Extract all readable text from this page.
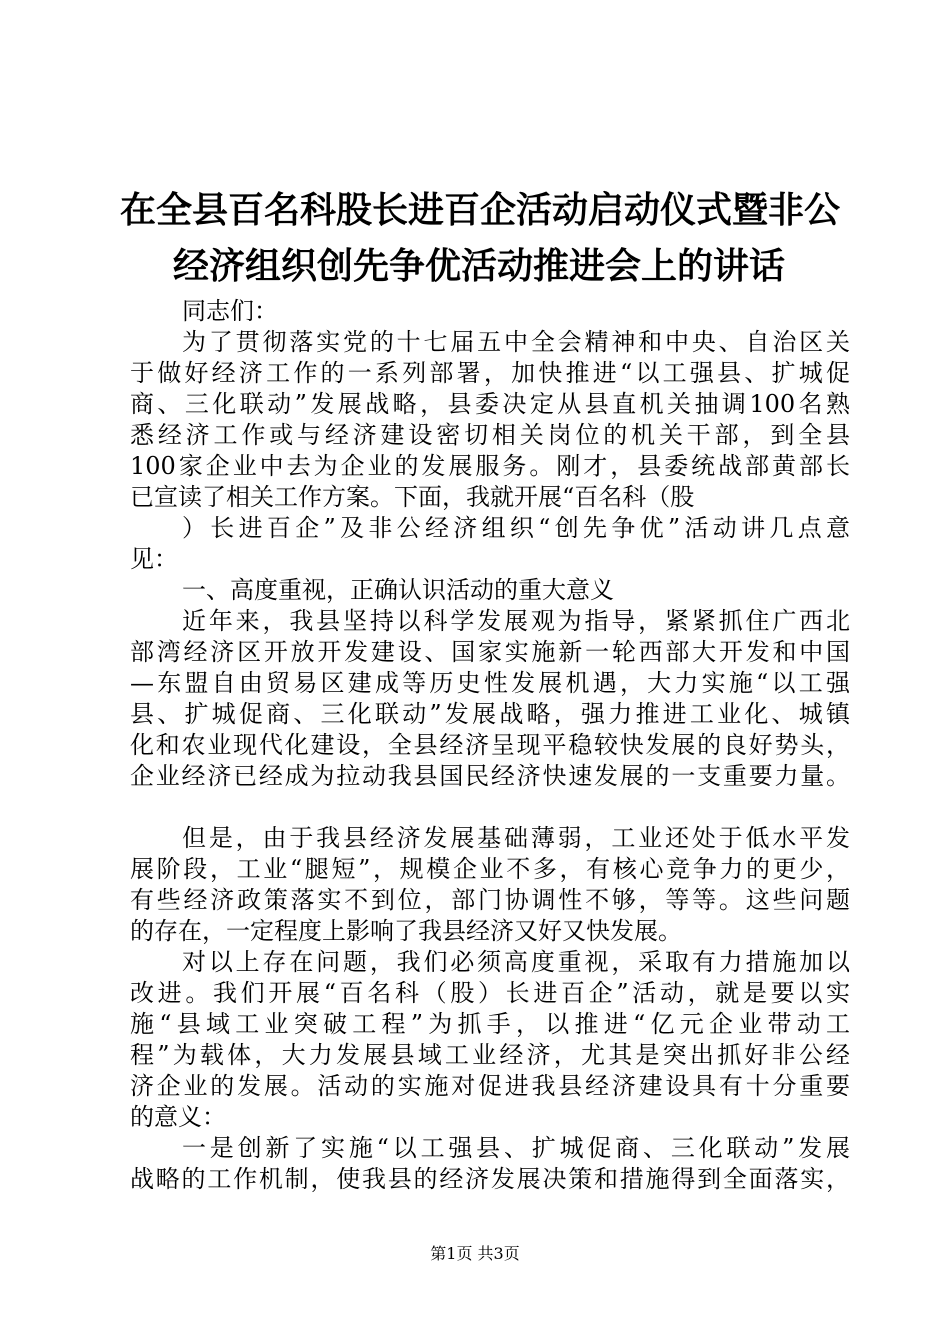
在全县百名科股长进百企活动启动仪式暨非公
经济组织创先争优活动推进会上的讲话
同志们：
为了贯彻落实党的十七届五中全会精神和中央、自治区关
于做好经济工作的一系列部署，加快推进“以工强县、扩城促
商、三化联动”发展战略，县委决定从县直机关抽调100名熟
悉经济工作或与经济建设密切相关岗位的机关干部，到全县
100家企业中去为企业的发展服务。刚才，县委统战部黄部长
已宣读了相关工作方案。下面，我就开展“百名科（股
）长进百企”及非公经济组织“创先争优”活动讲几点意
见：
一、高度重视，正确认识活动的重大意义
近年来，我县坚持以科学发展观为指导，紧紧抓住广西北
部湾经济区开放开发建设、国家实施新一轮西部大开发和中国
—东盟自由贸易区建成等历史性发展机遇，大力实施“以工强
县、扩城促商、三化联动”发展战略，强力推进工业化、城镇
化和农业现代化建设，全县经济呈现平稳较快发展的良好势头，
企业经济已经成为拉动我县国民经济快速发展的一支重要力量。
但是，由于我县经济发展基础薄弱，工业还处于低水平发
展阶段，工业“腿短”，规模企业不多，有核心竞争力的更少，
有些经济政策落实不到位，部门协调性不够，等等。这些问题
的存在，一定程度上影响了我县经济又好又快发展。
对以上存在问题，我们必须高度重视，采取有力措施加以
改进。我们开展“百名科（股）长进百企”活动，就是要以实
施“县域工业突破工程”为抓手，以推进“亿元企业带动工
程”为载体，大力发展县域工业经济，尤其是突出抓好非公经
济企业的发展。活动的实施对促进我县经济建设具有十分重要
的意义：
一是创新了实施“以工强县、扩城促商、三化联动”发展
战略的工作机制，使我县的经济发展决策和措施得到全面落实，
第1页 共3页
